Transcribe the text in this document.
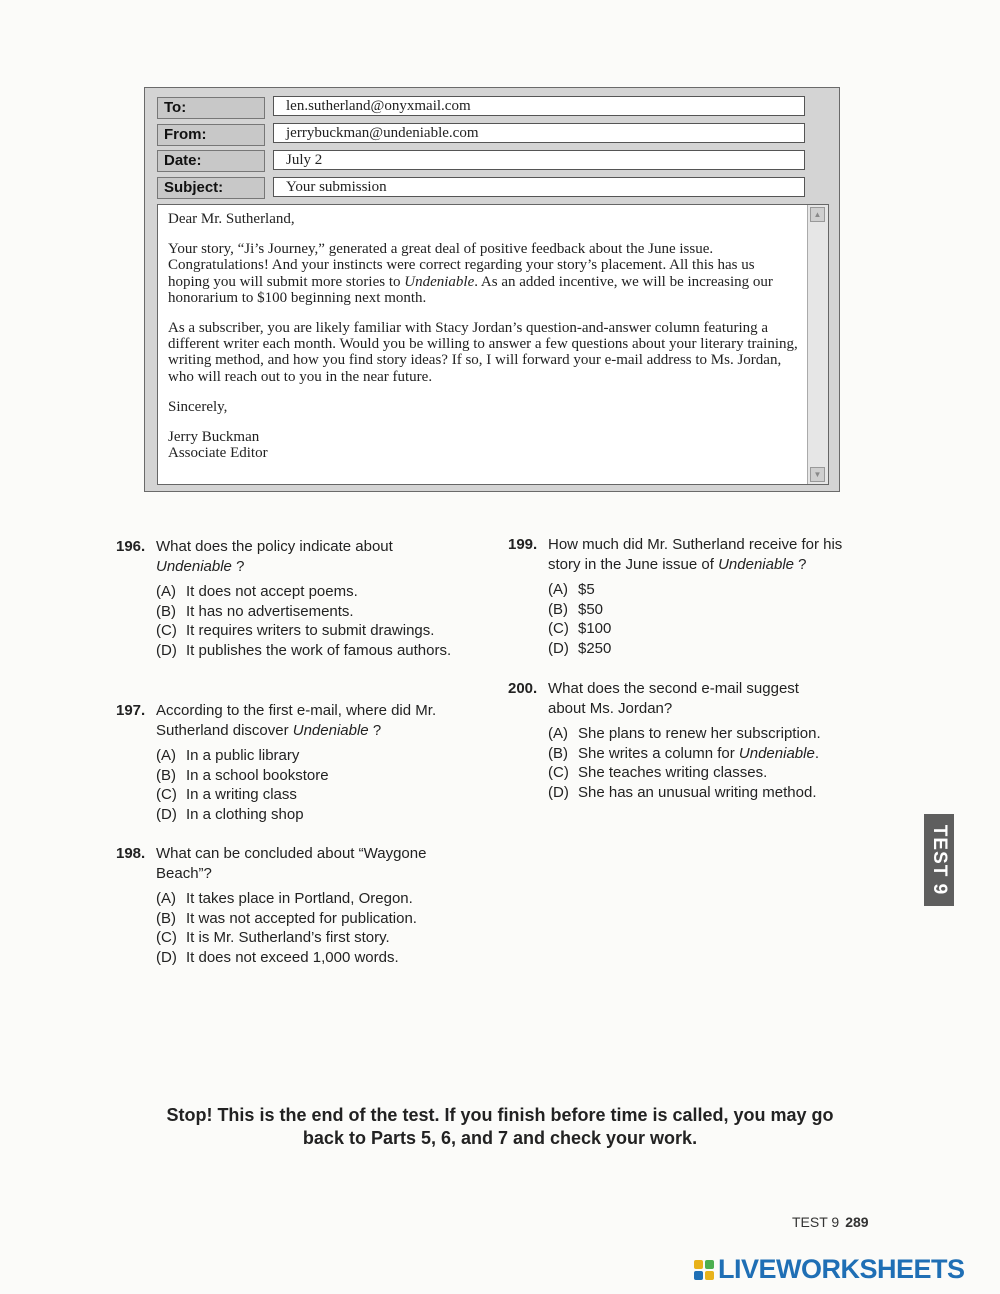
To:	len.sutherland@onyxmail.com
From:	jerrybuckman@undeniable.com
Date:	July 2
Subject:	Your submission

Dear Mr. Sutherland,

Your story, “Ji’s Journey,” generated a great deal of positive feedback about the June issue. Congratulations! And your instincts were correct regarding your story’s placement. All this has us hoping you will submit more stories to Undeniable. As an added incentive, we will be increasing our honorarium to $100 beginning next month.

As a subscriber, you are likely familiar with Stacy Jordan’s question-and-answer column featuring a different writer each month. Would you be willing to answer a few questions about your literary training, writing method, and how you find story ideas? If so, I will forward your e-mail address to Ms. Jordan, who will reach out to you in the near future.

Sincerely,

Jerry Buckman

Associate Editor

▲
▼
196. What does the policy indicate about
Undeniable ?
(A) It does not accept poems.
(B) It has no advertisements.
(C) It requires writers to submit drawings.
(D) It publishes the work of famous authors.
197. According to the first e-mail, where did Mr. Sutherland discover Undeniable ?
(A) In a public library
(B) In a school bookstore
(C) In a writing class
(D) In a clothing shop
198. What can be concluded about “Waygone Beach”?
(A) It takes place in Portland, Oregon.
(B) It was not accepted for publication.
(C) It is Mr. Sutherland’s first story.
(D) It does not exceed 1,000 words.
199. How much did Mr. Sutherland receive for his story in the June issue of Undeniable ?
(A) $5
(B) $50
(C) $100
(D) $250
200. What does the second e-mail suggest about Ms. Jordan?
(A) She plans to renew her subscription.
(B) She writes a column for Undeniable.
(C) She teaches writing classes.
(D) She has an unusual writing method.
TEST 9
Stop! This is the end of the test. If you finish before time is called, you may go
back to Parts 5, 6, and 7 and check your work.
TEST 9 289
LIVEWORKSHEETS
